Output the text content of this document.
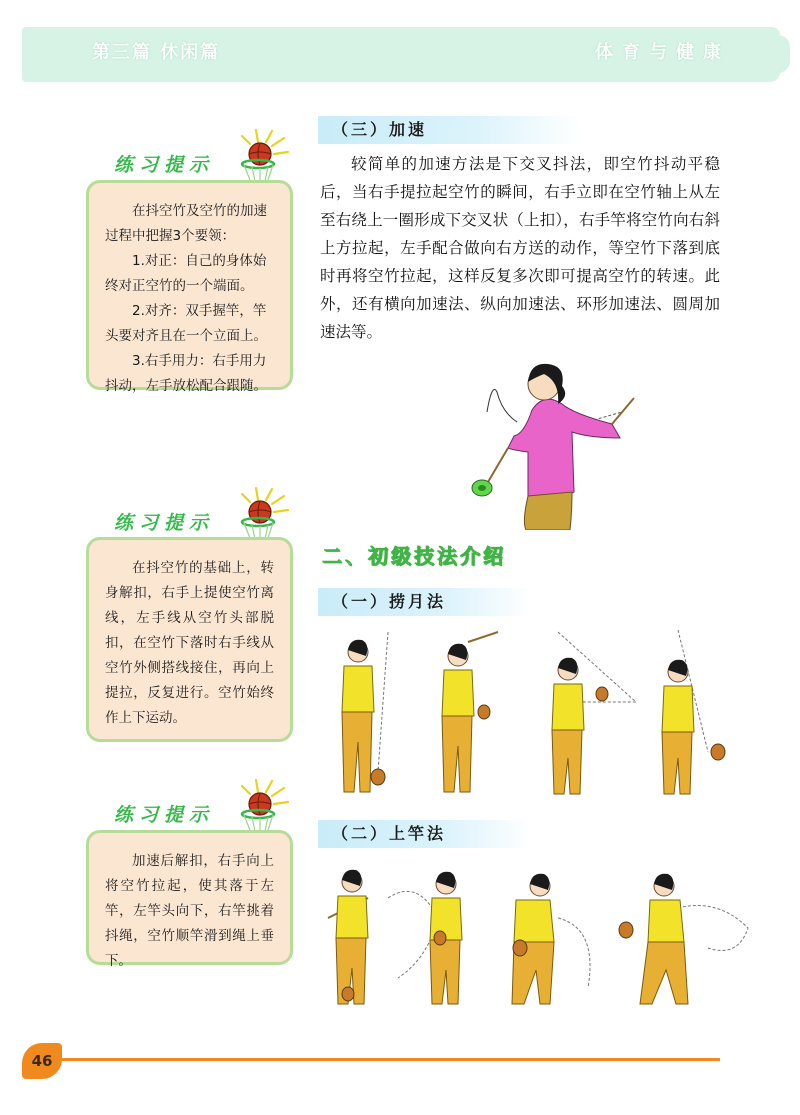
第三篇 休闲篇	体育与健康
练习提示

在抖空竹及空竹的加速过程中把握3个要领：

1.对正：自己的身体始终对正空竹的一个端面。

2.对齐：双手握竿，竿头要对齐且在一个立面上。

3.右手用力：右手用力抖动，左手放松配合跟随。

练习提示

在抖空竹的基础上，转身解扣，右手上提使空竹离线，左手线从空竹头部脱扣，在空竹下落时右手线从空竹外侧搭线接住，再向上提拉，反复进行。空竹始终作上下运动。

练习提示

加速后解扣，右手向上将空竹拉起，使其落于左竿，左竿头向下，右竿挑着抖绳，空竹顺竿滑到绳上垂下。

（三）加速

较简单的加速方法是下交叉抖法，即空竹抖动平稳后，当右手提拉起空竹的瞬间，右手立即在空竹轴上从左至右绕上一圈形成下交叉状（上扣），右手竿将空竹向右斜上方拉起，左手配合做向右方送的动作，等空竹下落到底时再将空竹拉起，这样反复多次即可提高空竹的转速。此外，还有横向加速法、纵向加速法、环形加速法、圆周加速法等。

二、初级技法介绍
（一）捞月法
（二）上竿法
46
